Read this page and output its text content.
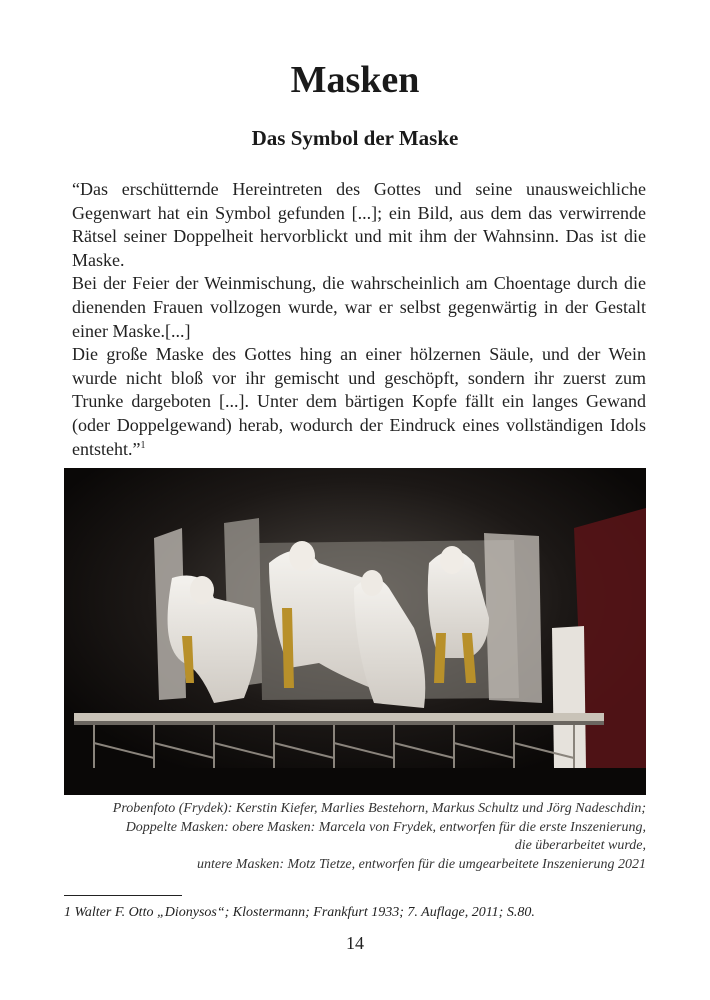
Masken
Das Symbol der Maske

“Das erschütternde Hereintreten des Gottes und seine unausweichliche Gegenwart hat ein Symbol gefunden [...]; ein Bild, aus dem das verwirrende Rätsel seiner Doppelheit hervorblickt und mit ihm der Wahnsinn. Das ist die Maske.

Bei der Feier der Weinmischung, die wahrscheinlich am Choentage durch die dienenden Frauen vollzogen wurde, war er selbst gegenwärtig in der Gestalt einer Maske.[...]

Die große Maske des Gottes hing an einer hölzernen Säule, und der Wein wurde nicht bloß vor ihr gemischt und geschöpft, sondern ihr zuerst zum Trunke dargeboten [...]. Unter dem bärtigen Kopfe fällt ein langes Gewand (oder Doppelgewand) herab, wodurch der Eindruck eines vollständigen Idols entsteht.”$^1$

Probenfoto (Frydek): Kerstin Kiefer, Marlies Bestehorn, Markus Schultz und Jörg Nadeschdin;
Doppelte Masken: obere Masken: Marcela von Frydek, entworfen für die erste Inszenierung,
die überarbeitet wurde,
untere Masken: Motz Tietze, entworfen für die umgearbeitete Inszenierung 2021
1 Walter F. Otto „Dionysos“; Klostermann; Frankfurt 1933; 7. Auflage, 2011; S.80.
14
